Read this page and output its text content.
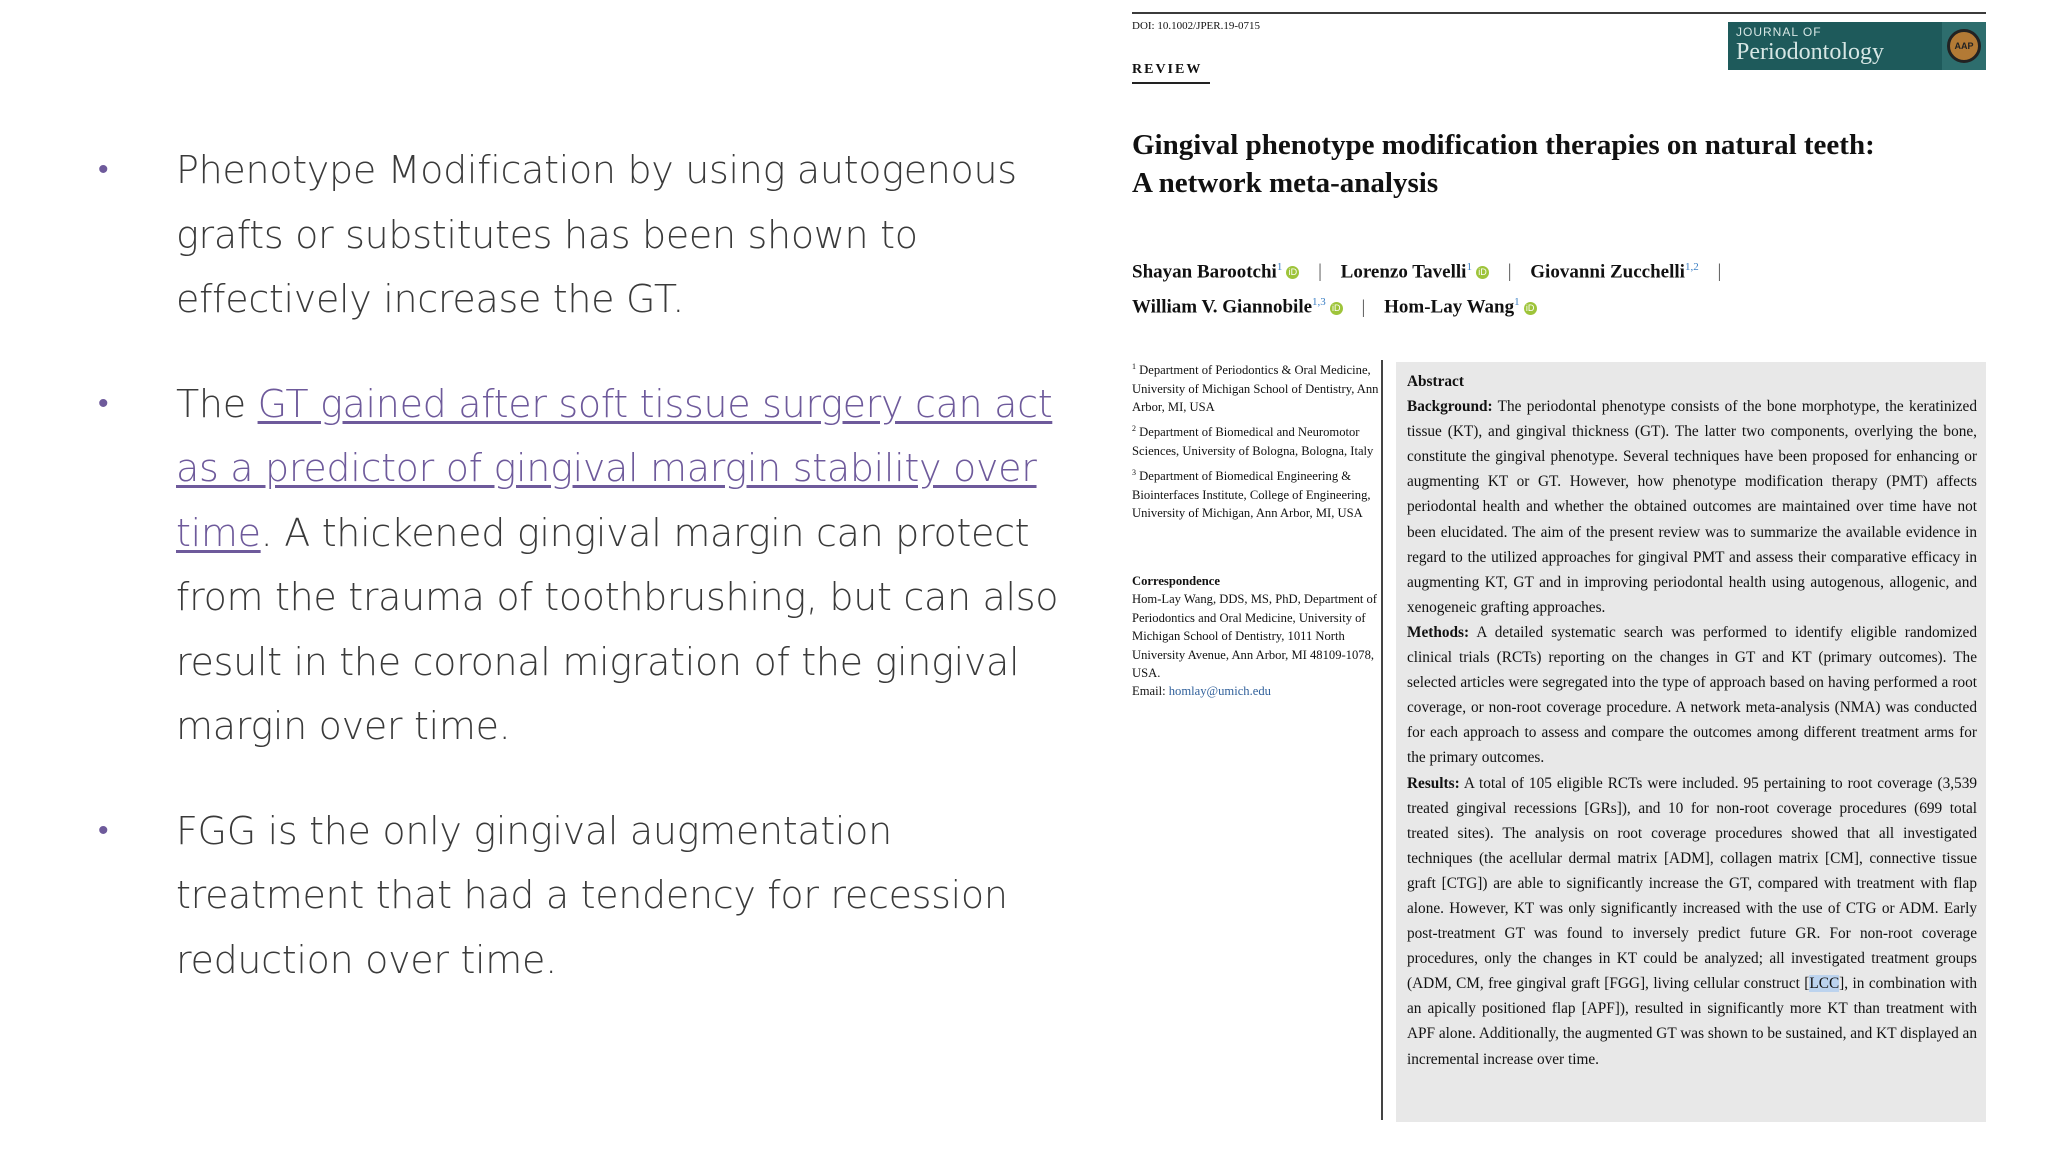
• Phenotype Modification by using autogenous grafts or substitutes has been shown to effectively increase the GT.
• The GT gained after soft tissue surgery can act as a predictor of gingival margin stability over time. A thickened gingival margin can protect from the trauma of toothbrushing, but can also result in the coronal migration of the gingival margin over time.
• FGG is the only gingival augmentation treatment that had a tendency for recession reduction over time.
DOI: 10.1002/JPER.19-0715
REVIEW
JOURNAL OF
Periodontology	AAP
Gingival phenotype modification therapies on natural teeth:
A network meta-analysis
Shayan Barootchi$^1$ iD | Lorenzo Tavelli$^1$ iD | Giovanni Zucchelli$^{1,2}$ |
William V. Giannobile$^{1,3}$ iD | Hom-Lay Wang$^1$ iD

$^1$ Department of Periodontics & Oral Medicine, University of Michigan School of Dentistry, Ann Arbor, MI, USA

$^2$ Department of Biomedical and Neuromotor Sciences, University of Bologna, Bologna, Italy

$^3$ Department of Biomedical Engineering & Biointerfaces Institute, College of Engineering, University of Michigan, Ann Arbor, MI, USA

Correspondence
Hom-Lay Wang, DDS, MS, PhD, Department of Periodontics and Oral Medicine, University of Michigan School of Dentistry, 1011 North University Avenue, Ann Arbor, MI 48109-1078, USA.
Email: homlay@umich.edu

Abstract

Background: The periodontal phenotype consists of the bone morphotype, the keratinized tissue (KT), and gingival thickness (GT). The latter two components, overlying the bone, constitute the gingival phenotype. Several techniques have been proposed for enhancing or augmenting KT or GT. However, how phenotype modification therapy (PMT) affects periodontal health and whether the obtained outcomes are maintained over time have not been elucidated. The aim of the present review was to summarize the available evidence in regard to the utilized approaches for gingival PMT and assess their comparative efficacy in augmenting KT, GT and in improving periodontal health using autogenous, allogenic, and xenogeneic grafting approaches.

Methods: A detailed systematic search was performed to identify eligible randomized clinical trials (RCTs) reporting on the changes in GT and KT (primary outcomes). The selected articles were segregated into the type of approach based on having performed a root coverage, or non-root coverage procedure. A network meta-analysis (NMA) was conducted for each approach to assess and compare the outcomes among different treatment arms for the primary outcomes.

Results: A total of 105 eligible RCTs were included. 95 pertaining to root coverage (3,539 treated gingival recessions [GRs]), and 10 for non-root coverage procedures (699 total treated sites). The analysis on root coverage procedures showed that all investigated techniques (the acellular dermal matrix [ADM], collagen matrix [CM], connective tissue graft [CTG]) are able to significantly increase the GT, compared with treatment with flap alone. However, KT was only significantly increased with the use of CTG or ADM. Early post-treatment GT was found to inversely predict future GR. For non-root coverage procedures, only the changes in KT could be analyzed; all investigated treatment groups (ADM, CM, free gingival graft [FGG], living cellular construct [LCC], in combination with an apically positioned flap [APF]), resulted in significantly more KT than treatment with APF alone. Additionally, the augmented GT was shown to be sustained, and KT displayed an incremental increase over time.
